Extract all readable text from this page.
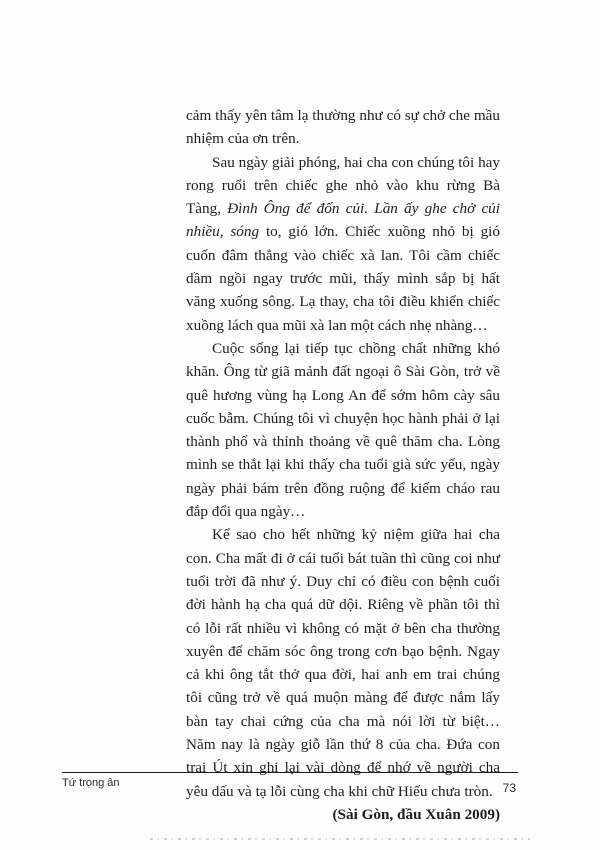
cảm thấy yên tâm lạ thường như có sự chở che mầu nhiệm của ơn trên.

Sau ngày giải phóng, hai cha con chúng tôi hay rong ruổi trên chiếc ghe nhỏ vào khu rừng Bà Tàng, Đình Ông để đốn củi. Lần ấy ghe chở củi nhiều, sóng to, gió lớn. Chiếc xuồng nhỏ bị gió cuốn đâm thẳng vào chiếc xà lan. Tôi cầm chiếc dầm ngồi ngay trước mũi, thấy mình sắp bị hất văng xuống sông. Lạ thay, cha tôi điều khiển chiếc xuồng lách qua mũi xà lan một cách nhẹ nhàng…

Cuộc sống lại tiếp tục chồng chất những khó khăn. Ông từ giã mảnh đất ngoại ô Sài Gòn, trở về quê hương vùng hạ Long An để sớm hôm cày sâu cuốc bẫm. Chúng tôi vì chuyện học hành phải ở lại thành phố và thỉnh thoảng về quê thăm cha. Lòng mình se thắt lại khi thấy cha tuổi già sức yếu, ngày ngày phải bám trên đồng ruộng để kiếm cháo rau đắp đổi qua ngày…

Kể sao cho hết những kỷ niệm giữa hai cha con. Cha mất đi ở cái tuổi bát tuần thì cũng coi như tuổi trời đã như ý. Duy chỉ có điều con bệnh cuối đời hành hạ cha quá dữ dội. Riêng về phần tôi thì có lỗi rất nhiều vì không có mặt ở bên cha thường xuyên để chăm sóc ông trong cơn bạo bệnh. Ngay cả khi ông tắt thở qua đời, hai anh em trai chúng tôi cũng trở về quá muộn màng để được nắm lấy bàn tay chai cứng của cha mà nói lời từ biệt… Năm nay là ngày giỗ lần thứ 8 của cha. Đứa con trai Út xin ghi lại vài dòng để nhớ về người cha yêu dấu và tạ lỗi cùng cha khi chữ Hiếu chưa tròn.

(Sài Gòn, đầu Xuân 2009)

Tứ trọng ân	73
